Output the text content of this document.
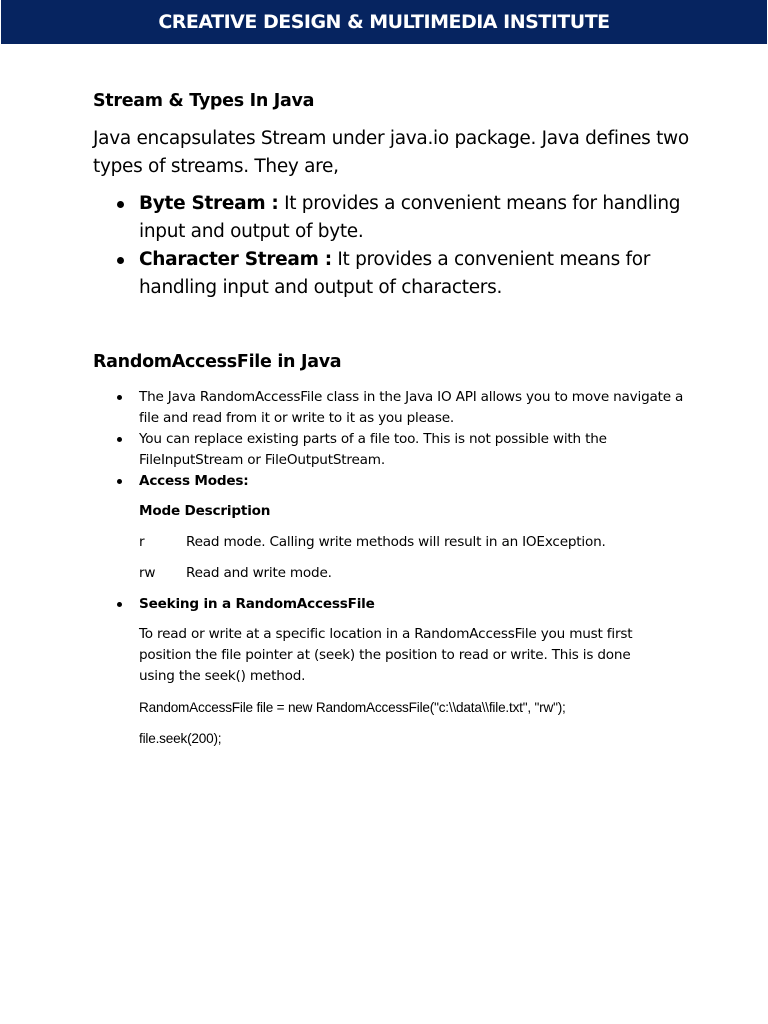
CREATIVE DESIGN & MULTIMEDIA INSTITUTE
Stream & Types In Java

Java encapsulates Stream under java.io package. Java defines two types of streams. They are,

Byte Stream : It provides a convenient means for handling input and output of byte.
Character Stream : It provides a convenient means for handling input and output of characters.
RandomAccessFile in Java
The Java RandomAccessFile class in the Java IO API allows you to move navigate a file and read from it or write to it as you please.
You can replace existing parts of a file too. This is not possible with the FileInputStream or FileOutputStream.
Access Modes:
Mode Description
r	Read mode. Calling write methods will result in an IOException.
rw Read and write mode.
Seeking in a RandomAccessFile

To read or write at a specific location in a RandomAccessFile you must first position the file pointer at (seek) the position to read or write. This is done using the seek() method.

RandomAccessFile file = new RandomAccessFile("c:\\data\\file.txt", "rw");
file.seek(200);
